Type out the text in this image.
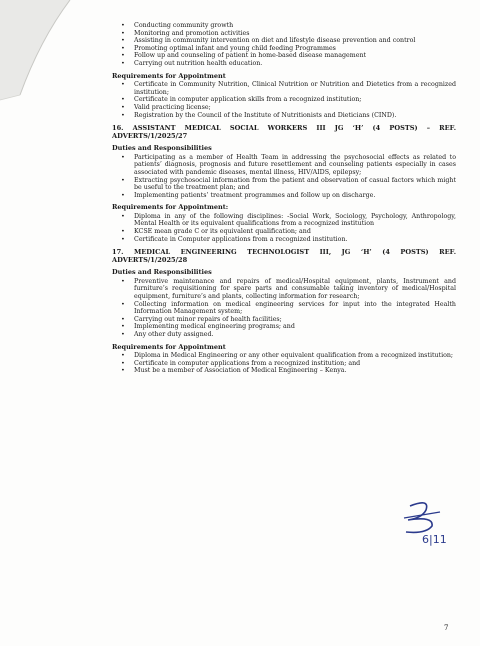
• Conducting community growth
• Monitoring and promotion activities
• Assisting in community intervention on diet and lifestyle disease prevention and control
• Promoting optimal infant and young child feeding Programmes
• Follow up and counseling of patient in home-based disease management
• Carrying out nutrition health education.
Requirements for Appointment
• Certificate in Community Nutrition, Clinical Nutrition or Nutrition and Dietetics from a recognized institution;
• Certificate in computer application skills from a recognized institution;
• Valid practicing license;
• Registration by the Council of the Institute of Nutritionists and Dieticians (CIND).
16. ASSISTANT MEDICAL SOCIAL WORKERS III JG ‘H’ (4 POSTS) – REF. ADVERTS/1/2025/27
Duties and Responsibilities
• Participating as a member of Health Team in addressing the psychosocial effects as related to patients’ diagnosis, prognosis and future resettlement and counseling patients especially in cases associated with pandemic diseases, mental illness, HIV/AIDS, epilepsy;
• Extracting psychosocial information from the patient and observation of casual factors which might be useful to the treatment plan; and
• Implementing patients’ treatment programmes and follow up on discharge.
Requirements for Appointment:
• Diploma in any of the following disciplines: -Social Work, Sociology, Psychology, Anthropology, Mental Health or its equivalent qualifications from a recognized institution
• KCSE mean grade C or its equivalent qualification; and
• Certificate in Computer applications from a recognized institution.
17. MEDICAL ENGINEERING TECHNOLOGIST III, JG ‘H’ (4 POSTS) REF. ADVERTS/1/2025/28
Duties and Responsibilities
• Preventive maintenance and repairs of medical/Hospital equipment, plants, Instrument and furniture’s requisitioning for spare parts and consumable taking inventory of medical/Hospital equipment, furniture’s and plants, collecting information for research;
• Collecting information on medical engineering services for input into the integrated Health Information Management system;
• Carrying out minor repairs of health facilities;
• Implementing medical engineering programs; and
• Any other duty assigned.
Requirements for Appointment
• Diploma in Medical Engineering or any other equivalent qualification from a recognized institution;
• Certificate in computer applications from a recognized institution; and
• Must be a member of Association of Medical Engineering – Kenya.
6|11
7
